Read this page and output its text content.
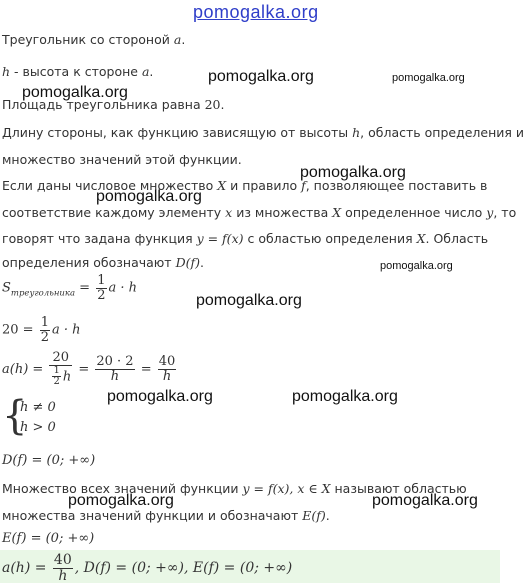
pomogalka.org
pomogalka.org	pomogalka.org
pomogalka.org
pomogalka.org
pomogalka.org
pomogalka.org
pomogalka.org
pomogalka.org	pomogalka.org
pomogalka.org	pomogalka.org
Треугольник со стороной a.
h - высота к стороне a.
Площадь треугольника равна 20.
Длину стороны, как функцию зависящую от высоты h, область определения и
множество значений этой функции.
Если даны числовое множество X и правило f, позволяющее поставить в
соответствие каждому элементу x из множества X определенное число y, то
говорят что задана функция y = f(x) с областью определения X. Область
определения обозначают D(f).
$S_{треугольника} = \frac{1}{2}$ a · h
$20 = \frac{1}{2}$ a · h
$a(h) = \frac{20}{\frac{1}{2} h} = \frac{20 \cdot 2}{h} = \frac{40}{h}$
{
h ≠ 0
h > 0
D(f) = (0; +∞)
Множество всех значений функции y = f(x), x ∈ X называют областью
множества значений функции и обозначают E(f).
E(f) = (0; +∞)
$a(h) = \frac{40}{h}$ , D(f) = (0; +∞), E(f) = (0; +∞)
